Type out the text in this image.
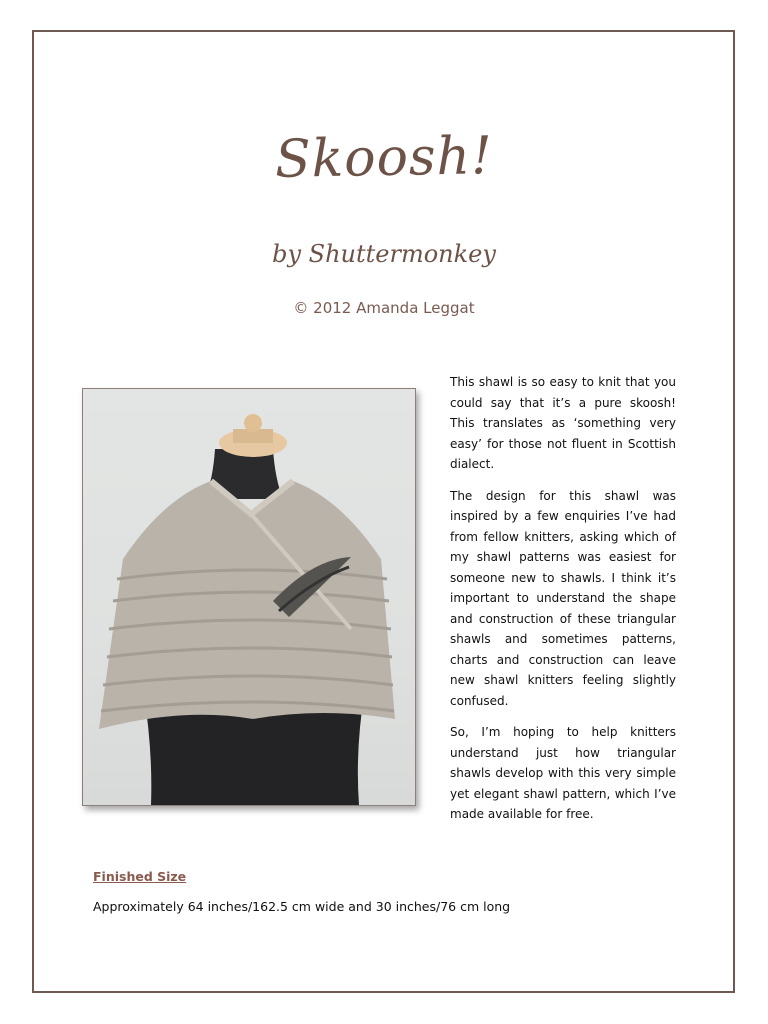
Skoosh!
by Shuttermonkey
© 2012 Amanda Leggat

This shawl is so easy to knit that you could say that it’s a pure skoosh! This translates as ‘something very easy’ for those not fluent in Scottish dialect.

The design for this shawl was inspired by a few enquiries I’ve had from fellow knitters, asking which of my shawl patterns was easiest for someone new to shawls. I think it’s important to understand the shape and construction of these triangular shawls and sometimes patterns, charts and construction can leave new shawl knitters feeling slightly confused.

So, I’m hoping to help knitters understand just how triangular shawls develop with this very simple yet elegant shawl pattern, which I’ve made available for free.

Finished Size
Approximately 64 inches/162.5 cm wide and 30 inches/76 cm long
